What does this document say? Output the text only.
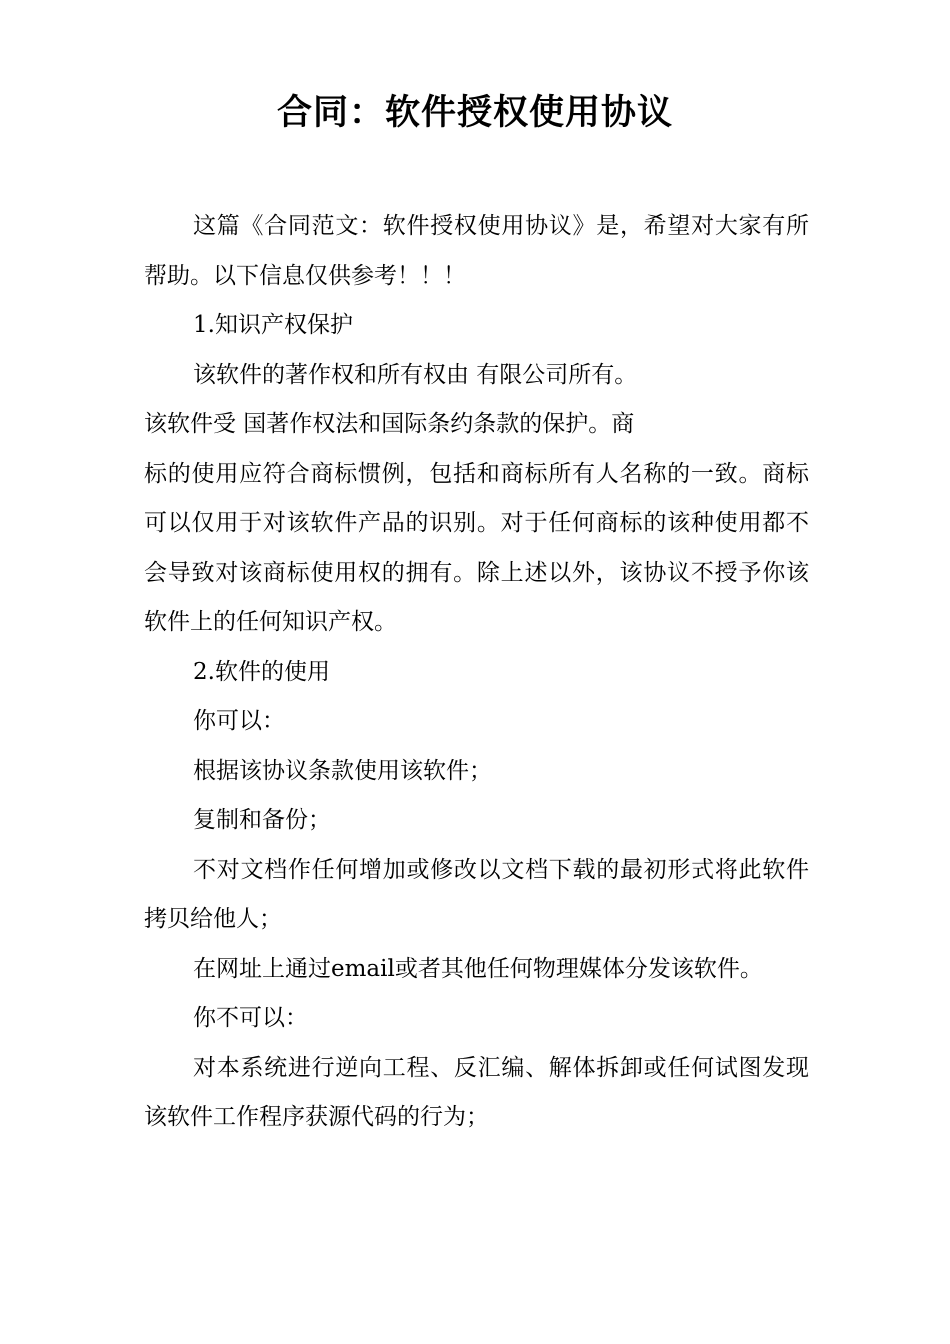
合同：软件授权使用协议

这篇《合同范文：软件授权使用协议》是，希望对大家有所帮助。以下信息仅供参考！！！

1.知识产权保护

该软件的著作权和所有权由 有限公司所有。

该软件受 国著作权法和国际条约条款的保护。商

标的使用应符合商标惯例，包括和商标所有人名称的一致。商标可以仅用于对该软件产品的识别。对于任何商标的该种使用都不会导致对该商标使用权的拥有。除上述以外，该协议不授予你该软件上的任何知识产权。

2.软件的使用

你可以：

根据该协议条款使用该软件；

复制和备份；

不对文档作任何增加或修改以文档下载的最初形式将此软件拷贝给他人；

在网址上通过email或者其他任何物理媒体分发该软件。

你不可以：

对本系统进行逆向工程、反汇编、解体拆卸或任何试图发现该软件工作程序获源代码的行为；
